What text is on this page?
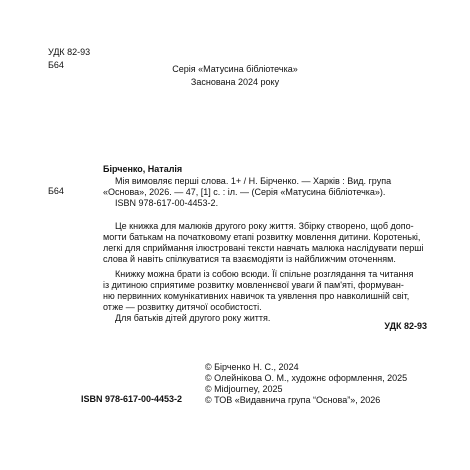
УДК 82-93
Б64	Серія «Матусина бібліотечка»
Заснована 2024 року
Бірченко, Наталія
Б64
Мія вимовляє перші слова. 1+ / Н. Бірченко. — Харків : Вид. група
«Основа», 2026. — 47, [1] с. : іл. — (Серія «Матусина бібліотечка»).
ISBN 978-617-00-4453-2.
Це книжка для малюків другого року життя. Збірку створено, щоб допо-
могти батькам на початковому етапі розвитку мовлення дитини. Коротенькі,
легкі для сприймання ілюстровані тексти навчать малюка наслідувати перші
слова й навіть спілкуватися та взаємодіяти із найближчим оточенням.
Книжку можна брати із собою всюди. Її спільне розглядання та читання
із дитиною сприятиме розвитку мовленнєвої уваги й пам'яті, формуван-
ню первинних комунікативних навичок та уявлення про навколишній світ,
отже — розвитку дитячої особистості.
Для батьків дітей другого року життя.
УДК 82-93
© Бірченко Н. С., 2024
© Олейнікова О. М., художнє оформлення, 2025
© Midjourney, 2025
© ТОВ «Видавнича група “Основа”», 2026
ISBN 978-617-00-4453-2
